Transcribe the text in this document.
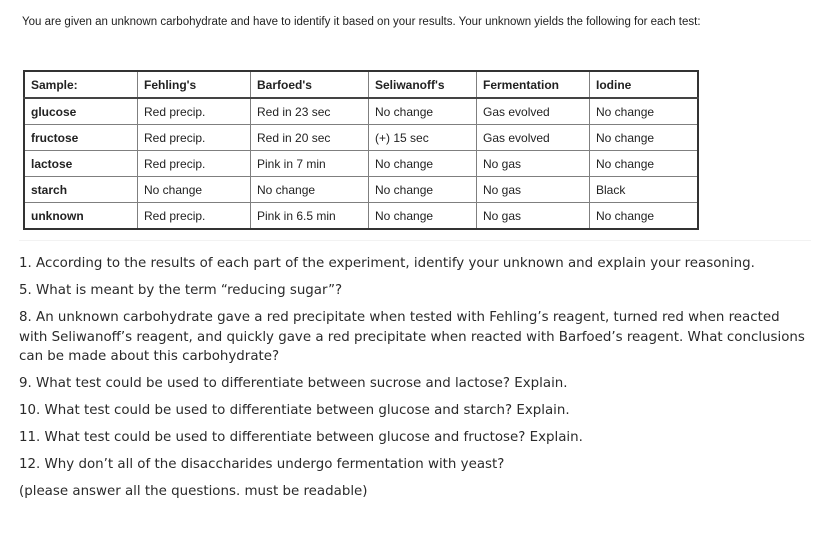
You are given an unknown carbohydrate and have to identify it based on your results. Your unknown yields the following for each test:
Sample:	Fehling's	Barfoed's	Seliwanoff's	Fermentation	Iodine
glucose	Red precip.	Red in 23 sec	No change	Gas evolved	No change
fructose	Red precip.	Red in 20 sec	(+) 15 sec	Gas evolved	No change
lactose	Red precip.	Pink in 7 min	No change	No gas	No change
starch	No change	No change	No change	No gas	Black
unknown	Red precip.	Pink in 6.5 min	No change	No gas	No change

1. According to the results of each part of the experiment, identify your unknown and explain your reasoning.

5. What is meant by the term “reducing sugar”?

8. An unknown carbohydrate gave a red precipitate when tested with Fehling’s reagent, turned red when reacted with Seliwanoff’s reagent, and quickly gave a red precipitate when reacted with Barfoed’s reagent. What conclusions can be made about this carbohydrate?

9. What test could be used to differentiate between sucrose and lactose? Explain.

10. What test could be used to differentiate between glucose and starch? Explain.

11. What test could be used to differentiate between glucose and fructose? Explain.

12. Why don’t all of the disaccharides undergo fermentation with yeast?

(please answer all the questions. must be readable)
